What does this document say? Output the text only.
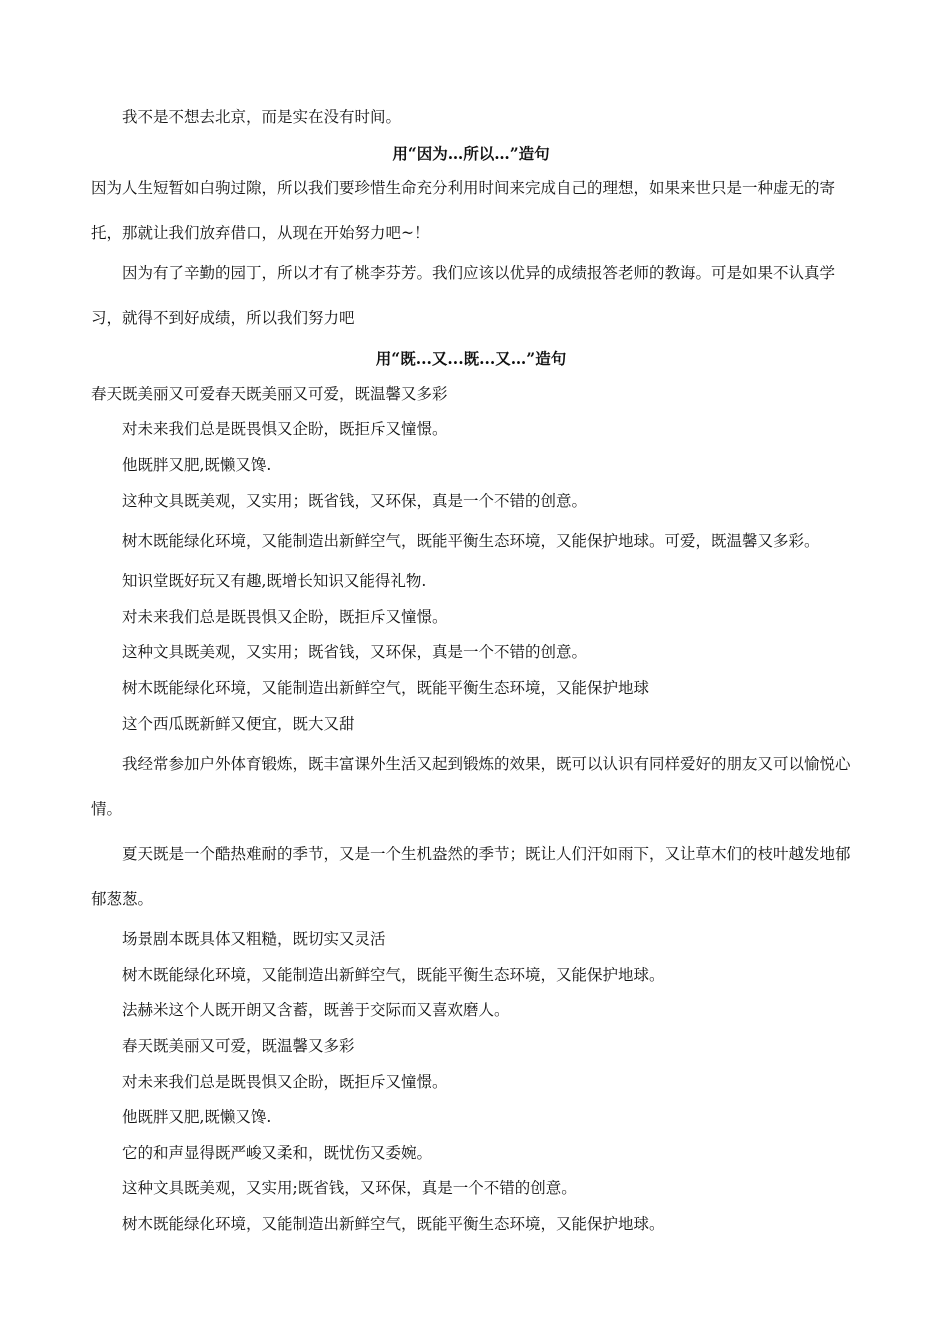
我不是不想去北京，而是实在没有时间。

用“因为…所以…”造句

因为人生短暂如白驹过隙，所以我们要珍惜生命充分利用时间来完成自己的理想，如果来世只是一种虚无的寄托，那就让我们放弃借口，从现在开始努力吧~！

因为有了辛勤的园丁，所以才有了桃李芬芳。我们应该以优异的成绩报答老师的教诲。可是如果不认真学习，就得不到好成绩，所以我们努力吧

用“既...又...既...又…”造句

春天既美丽又可爱春天既美丽又可爱，既温馨又多彩

对未来我们总是既畏惧又企盼，既拒斥又憧憬。

他既胖又肥,既懒又馋.

这种文具既美观，又实用；既省钱，又环保，真是一个不错的创意。

树木既能绿化环境，又能制造出新鲜空气，既能平衡生态环境，又能保护地球。可爱，既温馨又多彩。

知识堂既好玩又有趣,既增长知识又能得礼物.

对未来我们总是既畏惧又企盼，既拒斥又憧憬。

这种文具既美观，又实用；既省钱，又环保，真是一个不错的创意。

树木既能绿化环境，又能制造出新鲜空气，既能平衡生态环境，又能保护地球

这个西瓜既新鲜又便宜，既大又甜

我经常参加户外体育锻炼，既丰富课外生活又起到锻炼的效果，既可以认识有同样爱好的朋友又可以愉悦心情。

夏天既是一个酷热难耐的季节，又是一个生机盎然的季节；既让人们汗如雨下，又让草木们的枝叶越发地郁郁葱葱。

场景剧本既具体又粗糙，既切实又灵活

树木既能绿化环境，又能制造出新鲜空气，既能平衡生态环境，又能保护地球。

法赫米这个人既开朗又含蓄，既善于交际而又喜欢磨人。

春天既美丽又可爱，既温馨又多彩

对未来我们总是既畏惧又企盼，既拒斥又憧憬。

他既胖又肥,既懒又馋.

它的和声显得既严峻又柔和，既忧伤又委婉。

这种文具既美观，又实用;既省钱，又环保，真是一个不错的创意。

树木既能绿化环境，又能制造出新鲜空气，既能平衡生态环境，又能保护地球。
